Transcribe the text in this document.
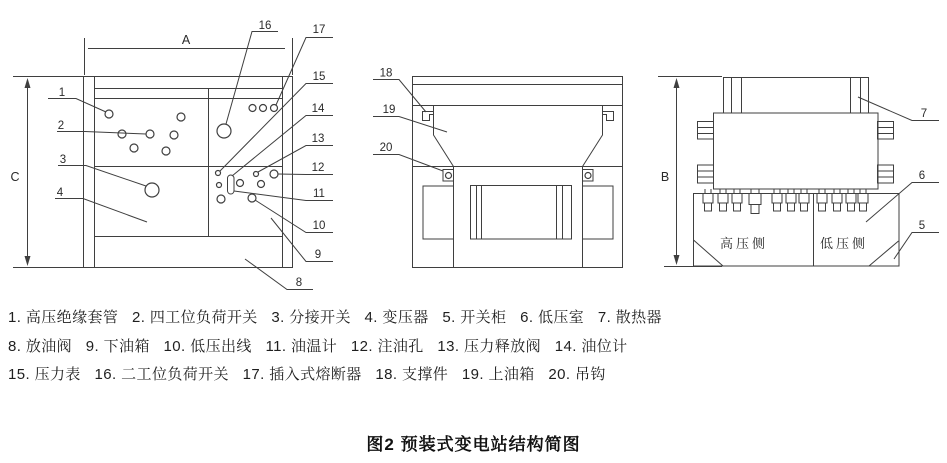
A
C
1
2
3
4
16	17
15
14
13
12
11
10
9
8
18
19
20
B
高压侧	低压侧
7
6
5
1. 高压绝缘套管   2. 四工位负荷开关   3. 分接开关   4. 变压器   5. 开关柜   6. 低压室   7. 散热器
8. 放油阀   9. 下油箱   10. 低压出线   11. 油温计   12. 注油孔   13. 压力释放阀   14. 油位计
15. 压力表   16. 二工位负荷开关   17. 插入式熔断器   18. 支撑件   19. 上油箱   20. 吊钩
图2 预装式变电站结构简图
